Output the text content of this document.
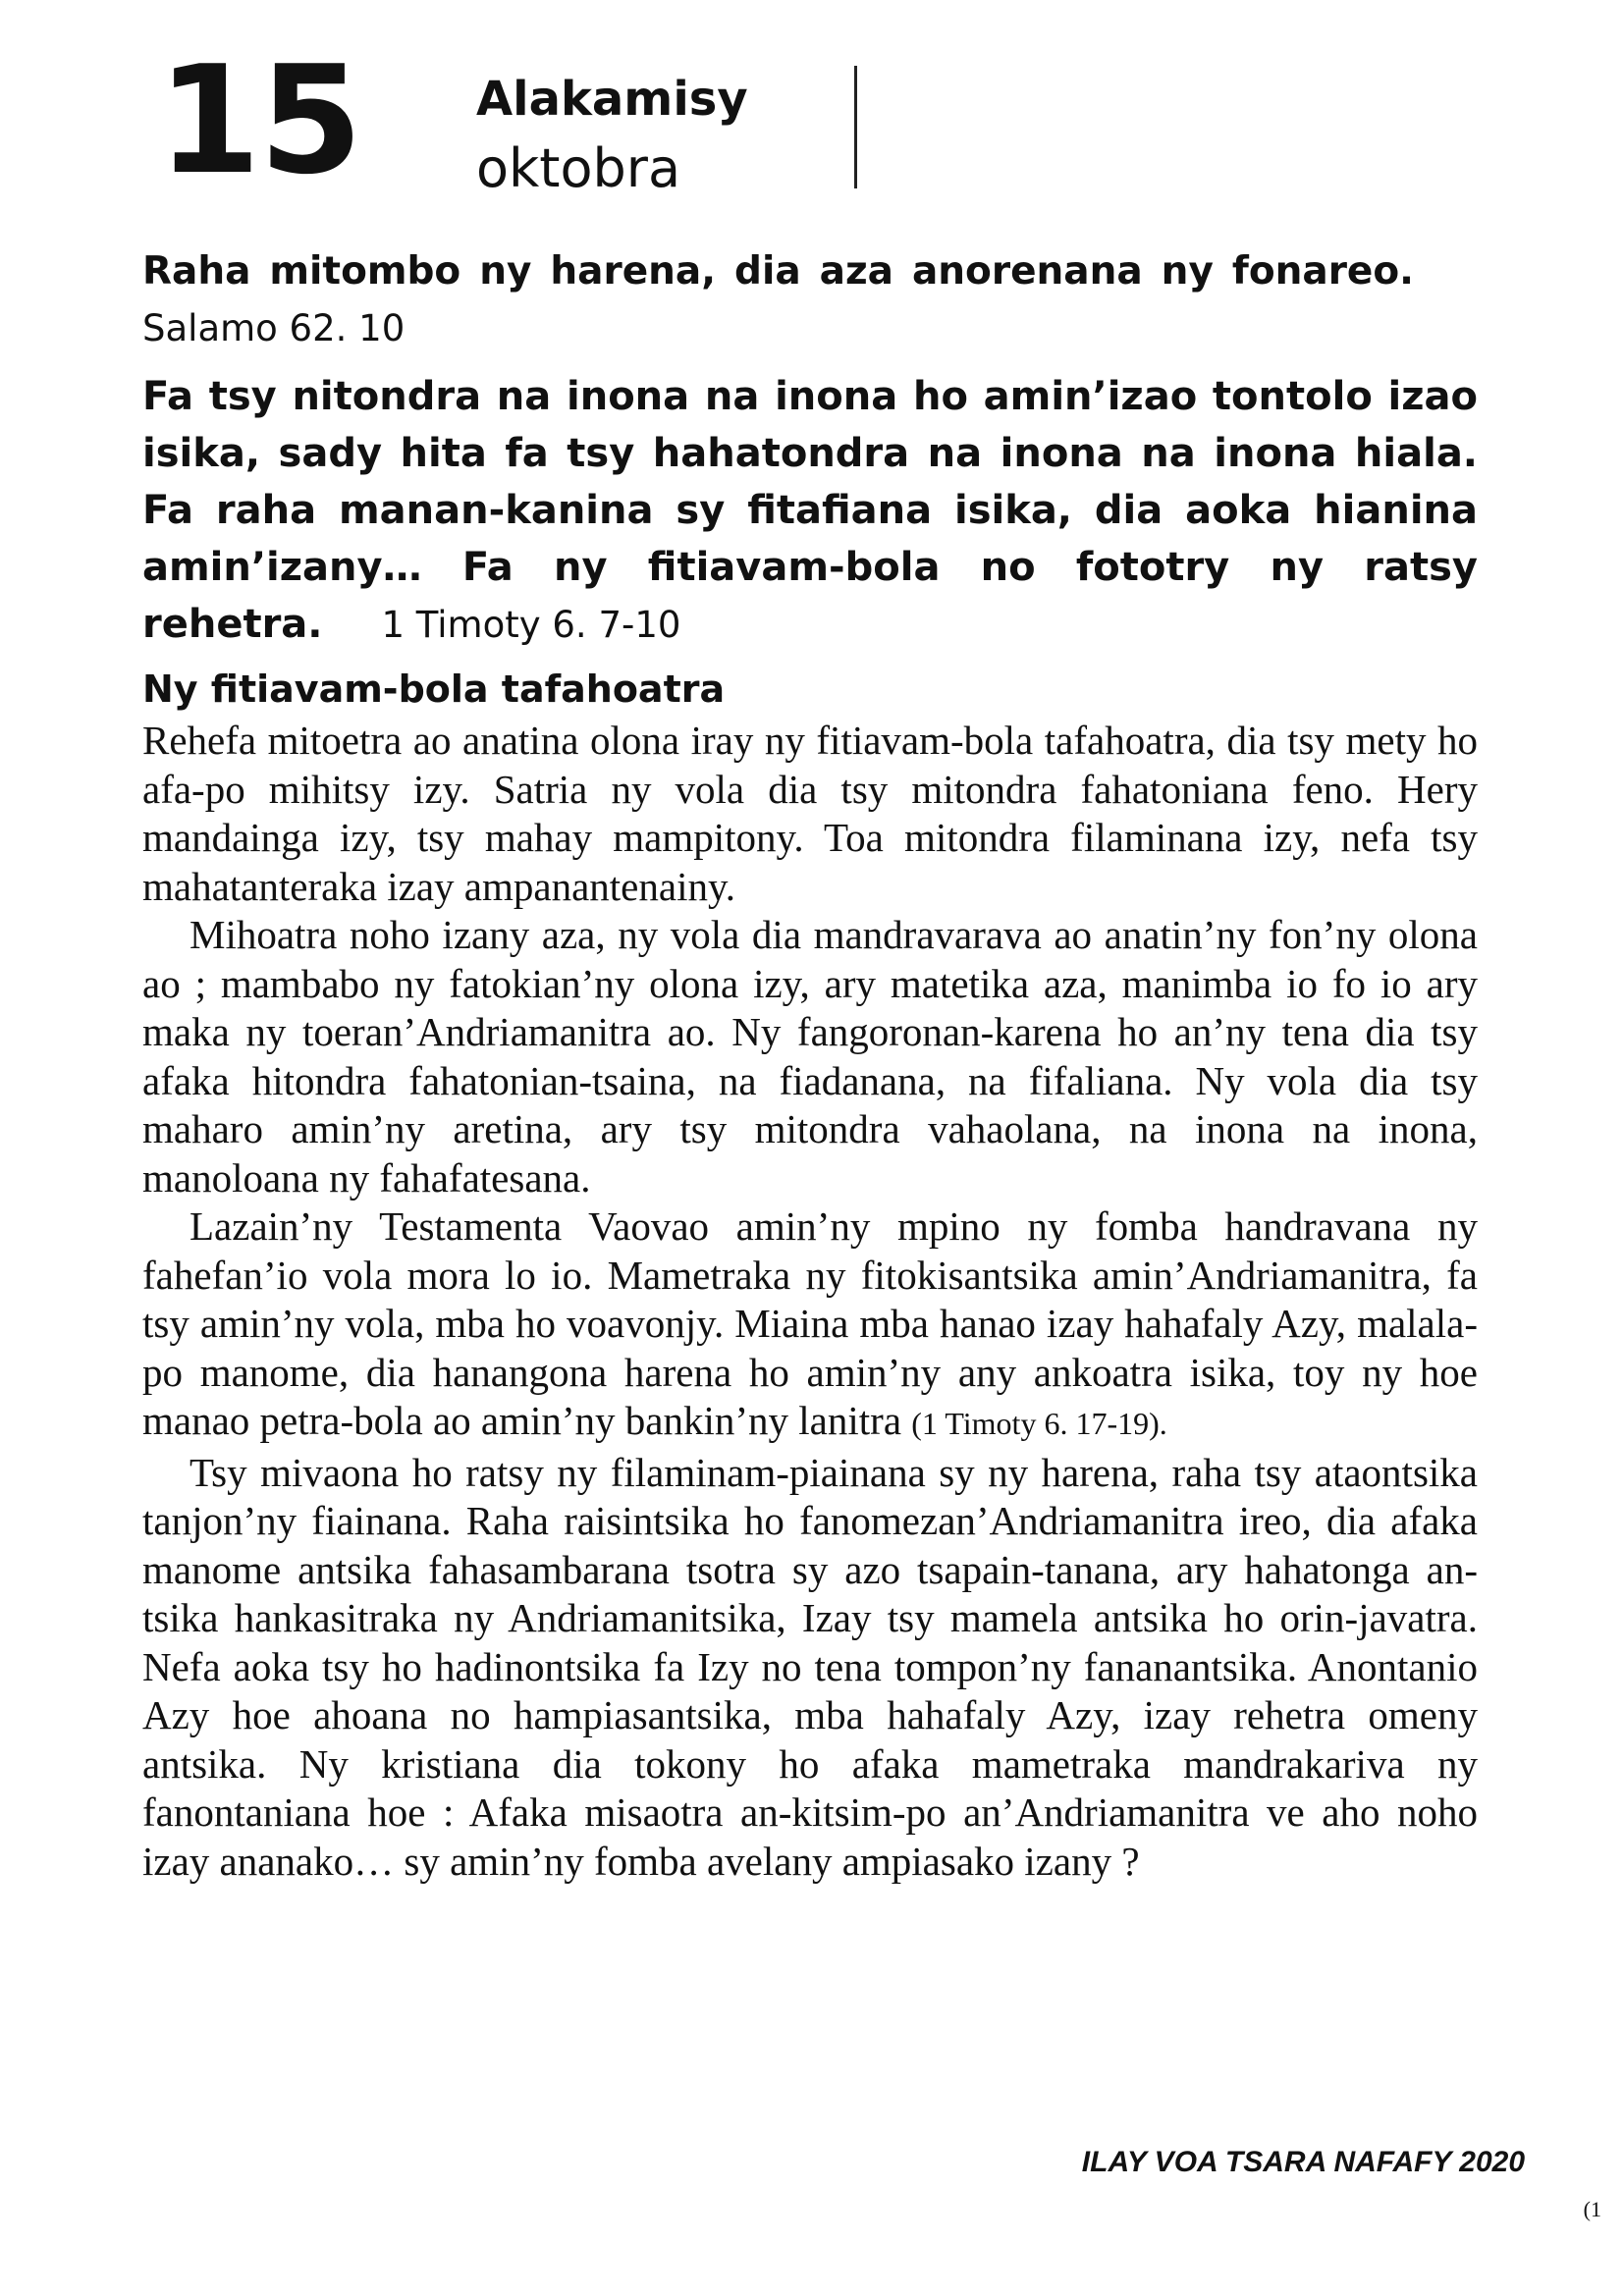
15 Alakamisy
oktobra
Raha mitombo ny harena, dia aza anorenana ny fonareo.Salamo 62. 10
Fa tsy nitondra na inona na inona ho amin’izao tontolo izao isika, sady hita fa tsy hahatondra na inona na inona hiala. Fa raha manan-kanina sy fitafiana isika, dia aoka hianina amin’izany… Fa ny fitiavam-bola no fototry ny ratsy rehetra. 1 Timoty 6. 7-10
Ny fitiavam-bola tafahoatra

Rehefa mitoetra ao anatina olona iray ny fitiavam-bola tafahoatra, dia tsy mety ho afa-po mihitsy izy. Satria ny vola dia tsy mitondra fahatoniana feno. Hery mandainga izy, tsy mahay mampitony. Toa mitondra filaminana izy, nefa tsy mahatanteraka izay ampanantenainy.

Mihoatra noho izany aza, ny vola dia mandravarava ao anatin’ny fon’ny olona ao ; mambabo ny fatokian’ny olona izy, ary matetika aza, manimba io fo io ary maka ny toeran’Andriamanitra ao. Ny fangoronan-karena ho an’ny tena dia tsy afaka hitondra fahatonian-tsaina, na fiadanana, na fifaliana. Ny vola dia tsy maharo amin’ny aretina, ary tsy mitondra vahaolana, na inona na inona, manoloana ny fahafatesana.

Lazain’ny Testamenta Vaovao amin’ny mpino ny fomba handravana ny fahefan’io vola mora lo io. Mametraka ny fitokisantsika amin’Andriamanitra, fa tsy amin’ny vola, mba ho voavonjy. Miaina mba hanao izay hahafaly Azy, malala-po manome, dia hanangona harena ho amin’ny any ankoatra isika, toy ny hoe manao petra-bola ao amin’ny bankin’ny lanitra (1 Timoty 6. 17-19).

Tsy mivaona ho ratsy ny filaminam-piainana sy ny harena, raha tsy ataontsika tanjon’ny fiainana. Raha raisintsika ho fanomezan’Andriamanitra ireo, dia afaka manome antsika fahasambarana tsotra sy azo tsapain-tanana, ary hahatonga antsika hankasitraka ny Andriamanitsika, Izay tsy mamela antsika ho orin-javatra. Nefa aoka tsy ho hadinontsika fa Izy no tena tompon’ny fananantsika. Anontanio Azy hoe ahoana no hampiasantsika, mba hahafaly Azy, izay rehetra omeny antsika. Ny kristiana dia tokony ho afaka mametraka mandrakariva ny fanontaniana hoe : Afaka misaotra an-kitsim-po an’Andriamanitra ve aho noho izay ananako… sy amin’ny fomba avelany ampiasako izany ?

ILAY VOA TSARA NAFAFY 2020
(1
